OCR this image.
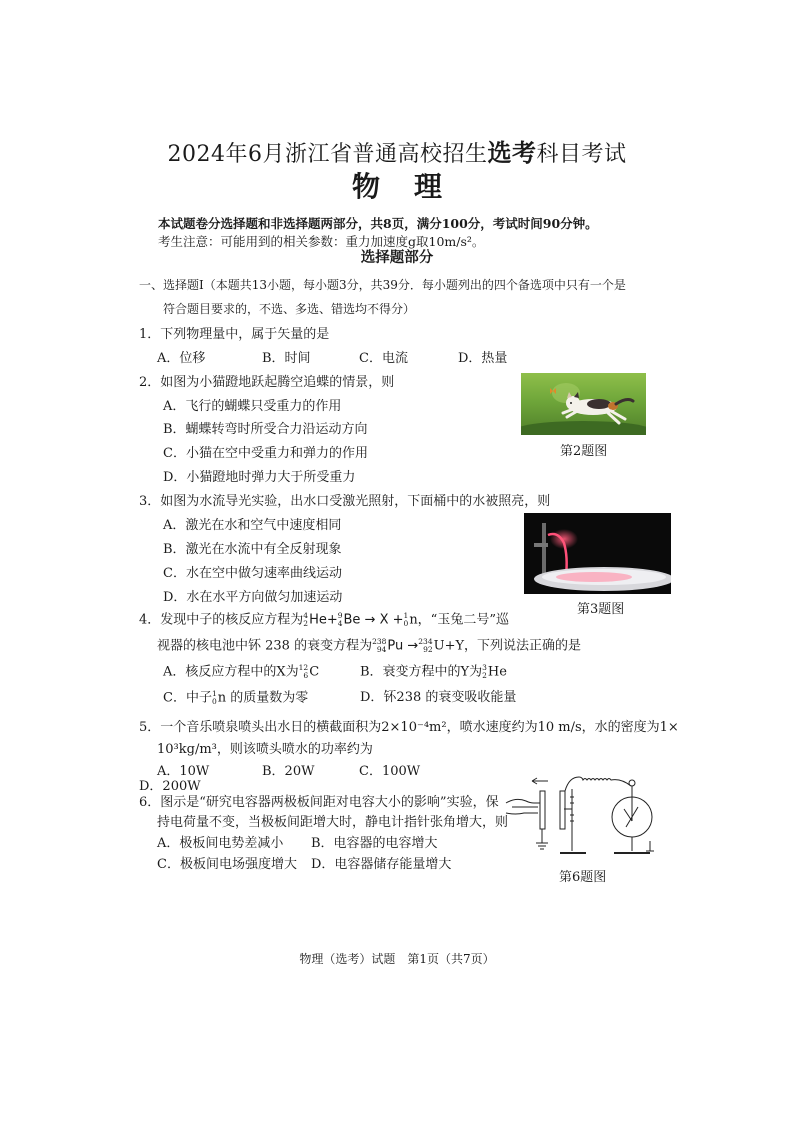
2024年6月浙江省普通高校招生选考科目考试
物理
本试题卷分选择题和非选择题两部分，共8页，满分100分，考试时间90分钟。
考生注意：可能用到的相关参数：重力加速度g取10m/s²。
选择题部分
一、选择题Ⅰ（本题共13小题，每小题3分，共39分．每小题列出的四个备选项中只有一个是
符合题目要求的，不选、多选、错选均不得分）
1．下列物理量中，属于矢量的是
A．位移	B．时间	C．电流	D．热量
2．如图为小猫蹬地跃起腾空追蝶的情景，则
A．飞行的蝴蝶只受重力的作用
B．蝴蝶转弯时所受合力沿运动方向
C．小猫在空中受重力和弹力的作用
D．小猫蹬地时弹力大于所受重力
第2题图
3．如图为水流导光实验，出水口受激光照射，下面桶中的水被照亮，则
A．激光在水和空气中速度相同
B．激光在水流中有全反射现象
C．水在空中做匀速率曲线运动
D．水在水平方向做匀加速运动
第3题图
4．发现中子的核反应方程为 4
2 He+ 9
4 Be → X + 1
0 n，“玉兔二号”巡
视器的核电池中钚 238 的衰变方程为 238
94 Pu → 234
92 U+Y，下列说法正确的是
A．核反应方程中的X为 12
6 C	B．衰变方程中的Y为 3
2 He
C．中子 1
0 n 的质量数为零	D．钚238 的衰变吸收能量
5．一个音乐喷泉喷头出水日的横截面积为2×10⁻⁴m²，喷水速度约为10 m/s，水的密度为1×
10³kg/m³，则该喷头喷水的功率约为
A．10W	B．20W	C．100W
D．200W
6．图示是“研究电容器两极板间距对电容大小的影响”实验，保
持电荷量不变，当极板间距增大时，静电计指针张角增大，则
A．极板间电势差减小 B．电容器的电容增大
C．极板间电场强度增大 D．电容器储存能量增大
第6题图
物理（选考）试题　第1页（共7页）
